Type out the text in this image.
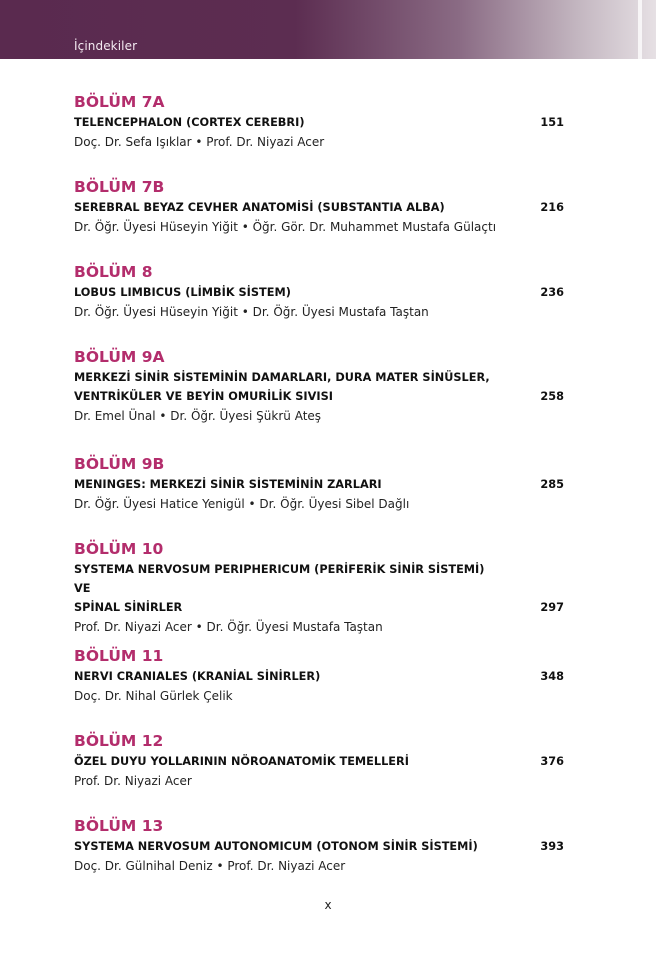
İçindekiler
BÖLÜM 7A
TELENCEPHALON (CORTEX CEREBRI)	151
Doç. Dr. Sefa Işıklar • Prof. Dr. Niyazi Acer
BÖLÜM 7B
SEREBRAL BEYAZ CEVHER ANATOMİSİ (SUBSTANTIA ALBA)	216
Dr. Öğr. Üyesi Hüseyin Yiğit • Öğr. Gör. Dr. Muhammet Mustafa Gülaçtı
BÖLÜM 8
LOBUS LIMBICUS (LİMBİK SİSTEM)	236
Dr. Öğr. Üyesi Hüseyin Yiğit • Dr. Öğr. Üyesi Mustafa Taştan
BÖLÜM 9A
MERKEZİ SİNİR SİSTEMİNİN DAMARLARI, DURA MATER SİNÜSLER,
VENTRİKÜLER VE BEYİN OMURİLİK SIVISI	258
Dr. Emel Ünal • Dr. Öğr. Üyesi Şükrü Ateş
BÖLÜM 9B
MENINGES: MERKEZİ SİNİR SİSTEMİNİN ZARLARI	285
Dr. Öğr. Üyesi Hatice Yenigül • Dr. Öğr. Üyesi Sibel Dağlı
BÖLÜM 10
SYSTEMA NERVOSUM PERIPHERICUM (PERİFERİK SİNİR SİSTEMİ) VE
SPİNAL SİNİRLER	297
Prof. Dr. Niyazi Acer • Dr. Öğr. Üyesi Mustafa Taştan
BÖLÜM 11
NERVI CRANIALES (KRANİAL SİNİRLER)	348
Doç. Dr. Nihal Gürlek Çelik
BÖLÜM 12
ÖZEL DUYU YOLLARININ NÖROANATOMİK TEMELLERİ	376
Prof. Dr. Niyazi Acer
BÖLÜM 13
SYSTEMA NERVOSUM AUTONOMICUM (OTONOM SİNİR SİSTEMİ)	393
Doç. Dr. Gülnihal Deniz • Prof. Dr. Niyazi Acer
x
